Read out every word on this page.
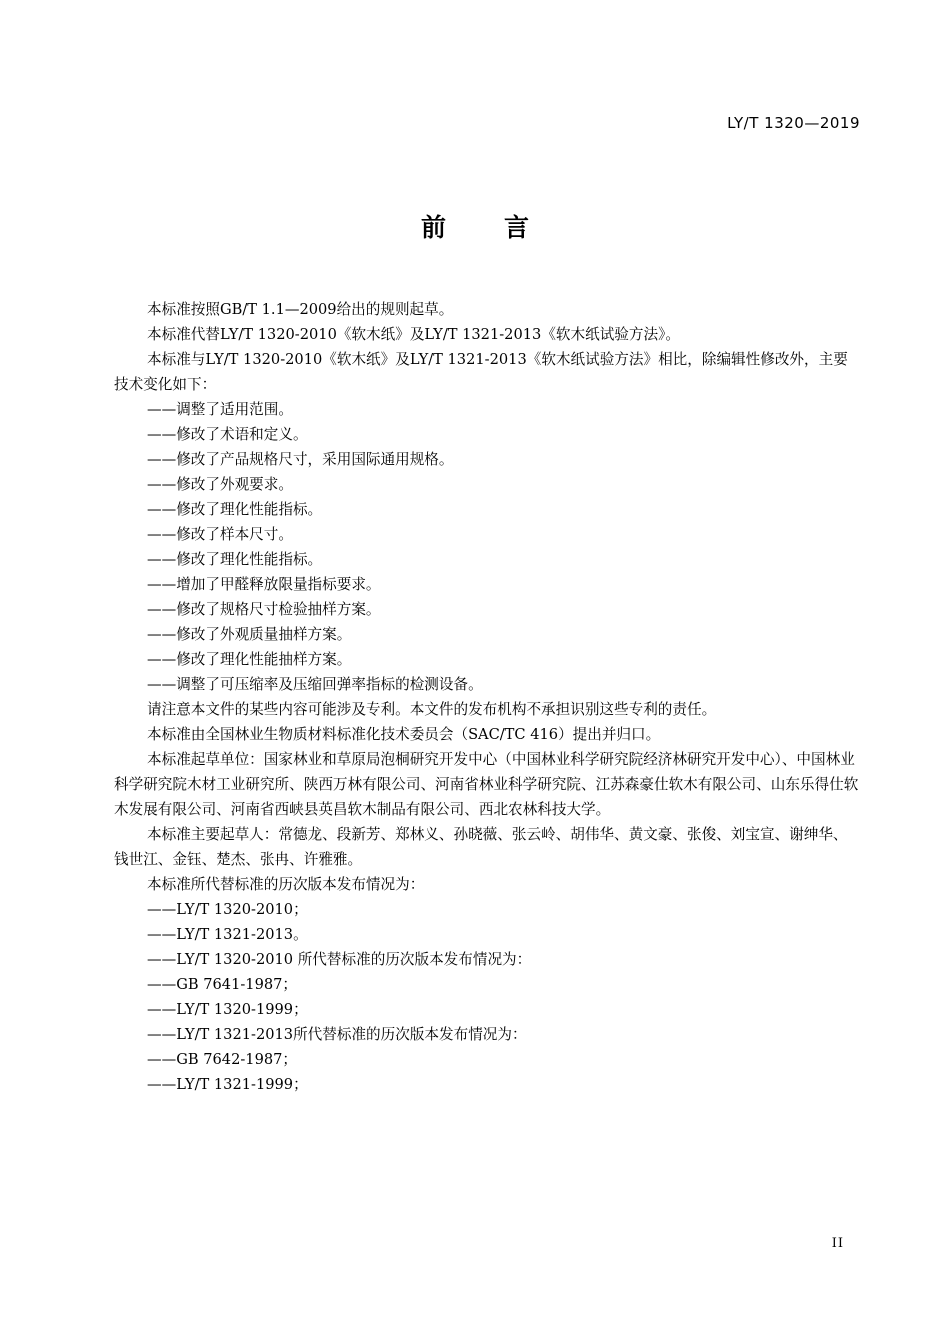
LY/T 1320—2019
前 言

本标准按照GB/T 1.1—2009给出的规则起草。

本标准代替LY/T 1320-2010《软木纸》及LY/T 1321-2013《软木纸试验方法》。

本标准与LY/T 1320-2010《软木纸》及LY/T 1321-2013《软木纸试验方法》相比，除编辑性修改外，主要技术变化如下：

——调整了适用范围。

——修改了术语和定义。

——修改了产品规格尺寸，采用国际通用规格。

——修改了外观要求。

——修改了理化性能指标。

——修改了样本尺寸。

——修改了理化性能指标。

——增加了甲醛释放限量指标要求。

——修改了规格尺寸检验抽样方案。

——修改了外观质量抽样方案。

——修改了理化性能抽样方案。

——调整了可压缩率及压缩回弹率指标的检测设备。

请注意本文件的某些内容可能涉及专利。本文件的发布机构不承担识别这些专利的责任。

本标准由全国林业生物质材料标准化技术委员会（SAC/TC 416）提出并归口。

本标准起草单位：国家林业和草原局泡桐研究开发中心（中国林业科学研究院经济林研究开发中心）、中国林业科学研究院木材工业研究所、陕西万林有限公司、河南省林业科学研究院、江苏森豪仕软木有限公司、山东乐得仕软木发展有限公司、河南省西峡县英昌软木制品有限公司、西北农林科技大学。

本标准主要起草人：常德龙、段新芳、郑林义、孙晓薇、张云岭、胡伟华、黄文豪、张俊、刘宝宣、谢绅华、钱世江、金钰、楚杰、张冉、许雅雅。

本标准所代替标准的历次版本发布情况为：

——LY/T 1320-2010；

——LY/T 1321-2013。

——LY/T 1320-2010 所代替标准的历次版本发布情况为：

——GB 7641-1987；

——LY/T 1320-1999；

——LY/T 1321-2013所代替标准的历次版本发布情况为：

——GB 7642-1987；

——LY/T 1321-1999；

II
